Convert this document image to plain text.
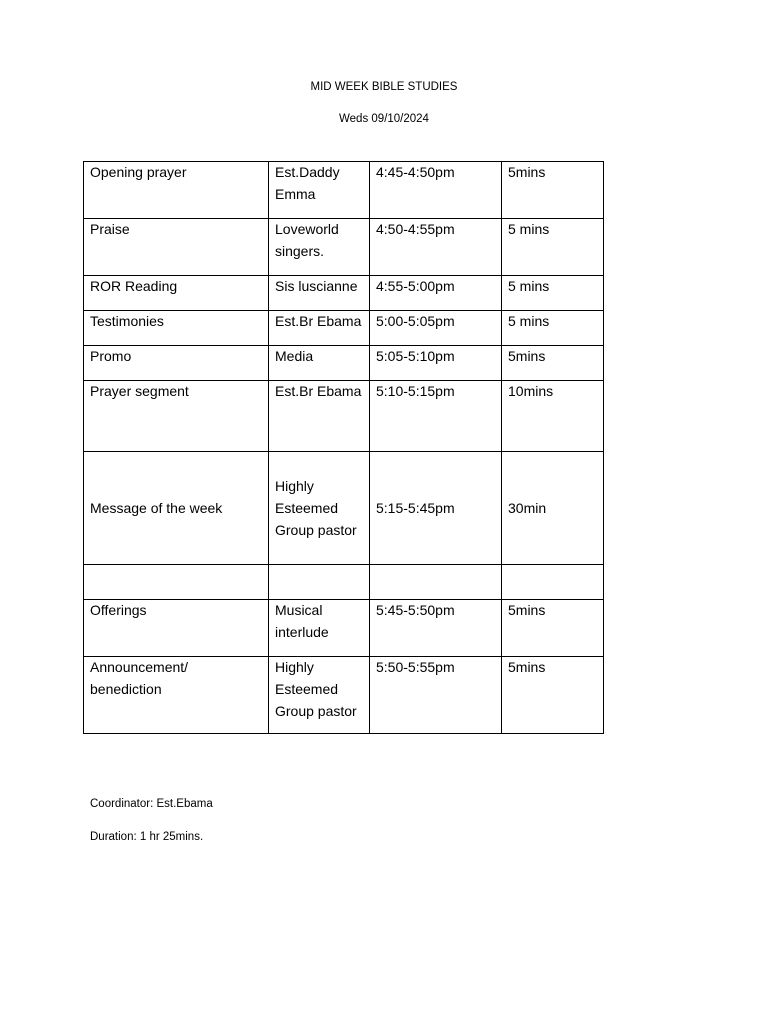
MID WEEK BIBLE STUDIES
Weds 09/10/2024
Opening prayer	Est.Daddy Emma	4:45-4:50pm	5mins

Praise	Loveworld singers.	4:50-4:55pm	5 mins

ROR Reading	Sis luscianne	4:55-5:00pm	5 mins

Testimonies	Est.Br Ebama	5:00-5:05pm	5 mins

Promo	Media	5:05-5:10pm	5mins

Prayer segment	Est.Br Ebama	5:10-5:15pm	10mins

Message of the week	Highly Esteemed Group pastor	5:15-5:45pm	30min

Offerings	Musical interlude	5:45-5:50pm	5mins

Announcement/ benediction	Highly Esteemed Group pastor	5:50-5:55pm	5mins
Coordinator: Est.Ebama
Duration: 1 hr 25mins.
